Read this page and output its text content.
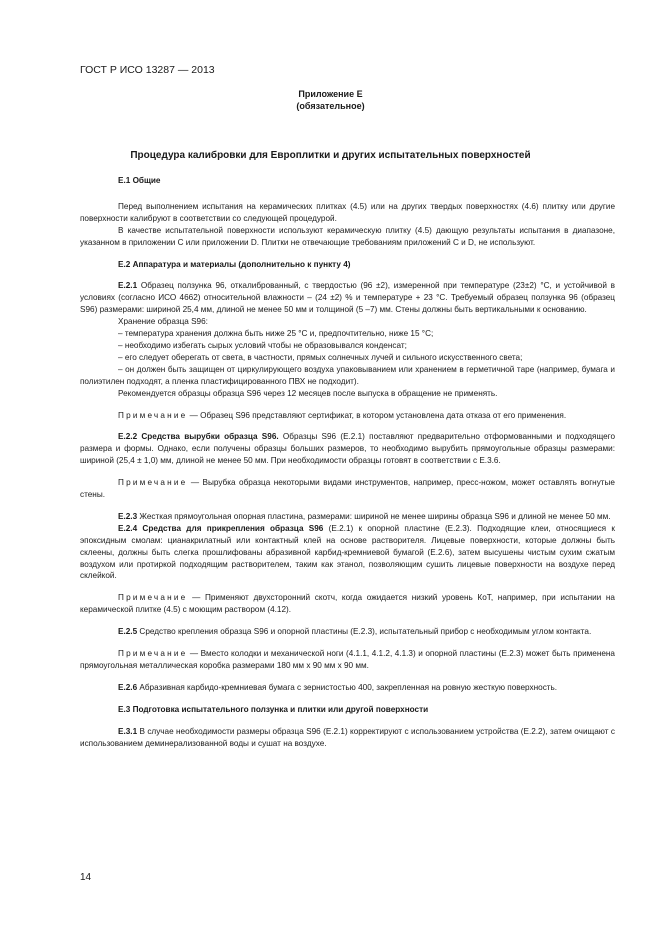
ГОСТ Р ИСО 13287 — 2013
Приложение Е
(обязательное)
Процедура калибровки для Европлитки и других испытательных поверхностей

Е.1 Общие

Перед выполнением испытания на керамических плитках (4.5) или на других твердых поверхностях (4.6) плитку или другие поверхности калибруют в соответствии со следующей процедурой.

В качестве испытательной поверхности используют керамическую плитку (4.5) дающую результаты испытания в диапазоне, указанном в приложении С или приложении D. Плитки не отвечающие требованиям приложений С и D, не используют.

Е.2 Аппаратура и материалы (дополнительно к пункту 4)

Е.2.1 Образец ползунка 96, откалиброванный, с твердостью (96 ±2), измеренной при температуре (23±2) °С, и устойчивой в условиях (согласно ИСО 4662) относительной влажности – (24 ±2) % и температуре + 23 °С. Требуемый образец ползунка 96 (образец S96) размерами: шириной 25,4 мм, длиной не менее 50 мм и толщиной (5 –7) мм. Стены должны быть вертикальными к основанию.

Хранение образца S96:

– температура хранения должна быть ниже 25 °С и, предпочтительно, ниже 15 °С;

– необходимо избегать сырых условий чтобы не образовывался конденсат;

– его следует оберегать от света, в частности, прямых солнечных лучей и сильного искусственного света;

– он должен быть защищен от циркулирующего воздуха упаковыванием или хранением в герметичной таре (например, бумага и полиэтилен подходят, а пленка пластифицированного ПВХ не подходит).

Рекомендуется образцы образца S96 через 12 месяцев после выпуска в обращение не применять.

Примечание — Образец S96 представляют сертификат, в котором установлена дата отказа от его применения.

Е.2.2 Средства вырубки образца S96. Образцы S96 (Е.2.1) поставляют предварительно отформованными и подходящего размера и формы. Однако, если получены образцы больших размеров, то необходимо вырубить прямоугольные образцы размерами: шириной (25,4 ± 1,0) мм, длиной не менее 50 мм. При необходимости образцы готовят в соответствии с Е.3.6.

Примечание — Вырубка образца некоторыми видами инструментов, например, пресс-ножом, может оставлять вогнутые стены.

Е.2.3 Жесткая прямоугольная опорная пластина, размерами: шириной не менее ширины образца S96 и длиной не менее 50 мм.

Е.2.4 Средства для прикрепления образца S96 (Е.2.1) к опорной пластине (Е.2.3). Подходящие клеи, относящиеся к эпоксидным смолам: цианакрилатный или контактный клей на основе растворителя. Лицевые поверхности, которые должны быть склеены, должны быть слегка прошлифованы абразивной карбид-кремниевой бумагой (Е.2.6), затем высушены чистым сухим сжатым воздухом или протиркой подходящим растворителем, таким как этанол, позволяющим сушить лицевые поверхности на воздухе перед склейкой.

Примечание — Применяют двухсторонний скотч, когда ожидается низкий уровень КоТ, например, при испытании на керамической плитке (4.5) с моющим раствором (4.12).

Е.2.5 Средство крепления образца S96 и опорной пластины (Е.2.3), испытательный прибор с необходимым углом контакта.

Примечание — Вместо колодки и механической ноги (4.1.1, 4.1.2, 4.1.3) и опорной пластины (Е.2.3) может быть применена прямоугольная металлическая коробка размерами 180 мм х 90 мм х 90 мм.

Е.2.6 Абразивная карбидо-кремниевая бумага с зернистостью 400, закрепленная на ровную жесткую поверхность.

Е.3 Подготовка испытательного ползунка и плитки или другой поверхности

Е.3.1 В случае необходимости размеры образца S96 (Е.2.1) корректируют с использованием устройства (Е.2.2), затем очищают с использованием деминерализованной воды и сушат на воздухе.

14
